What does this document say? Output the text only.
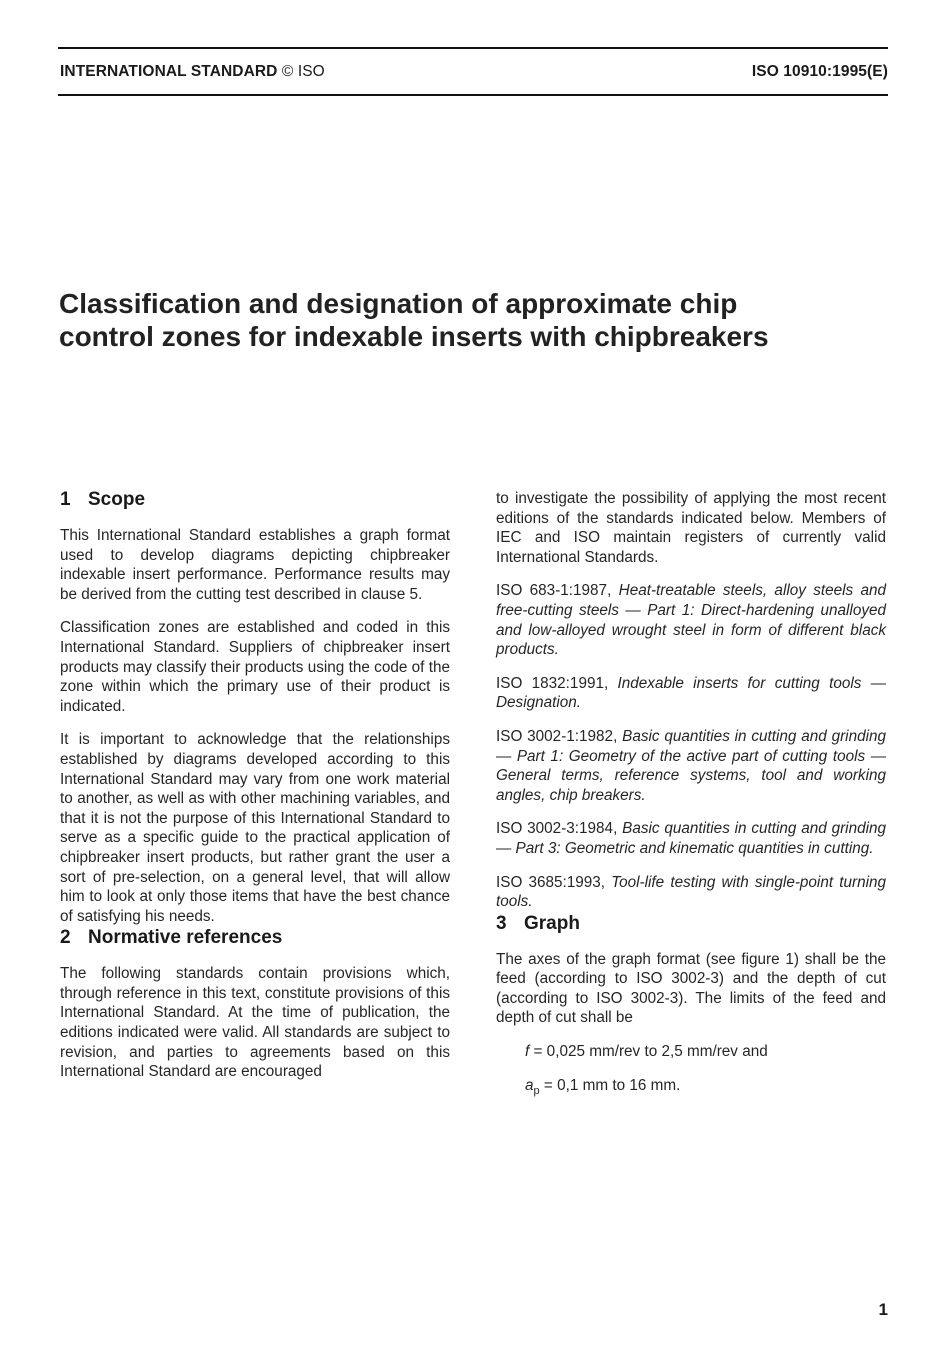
INTERNATIONAL STANDARD © ISO	ISO 10910:1995(E)
Classification and designation of approximate chip
control zones for indexable inserts with chipbreakers
1 Scope

This International Standard establishes a graph format used to develop diagrams depicting chipbreaker indexable insert performance. Performance results may be derived from the cutting test described in clause 5.

Classification zones are established and coded in this International Standard. Suppliers of chipbreaker insert products may classify their products using the code of the zone within which the primary use of their product is indicated.

It is important to acknowledge that the relationships established by diagrams developed according to this International Standard may vary from one work material to another, as well as with other machining variables, and that it is not the purpose of this International Standard to serve as a specific guide to the practical application of chipbreaker insert products, but rather grant the user a sort of pre-selection, on a general level, that will allow him to look at only those items that have the best chance of satisfying his needs.

2 Normative references

The following standards contain provisions which, through reference in this text, constitute provisions of this International Standard. At the time of publication, the editions indicated were valid. All standards are subject to revision, and parties to agreements based on this International Standard are encouraged

to investigate the possibility of applying the most recent editions of the standards indicated below. Members of IEC and ISO maintain registers of currently valid International Standards.

ISO 683-1:1987, Heat-treatable steels, alloy steels and free-cutting steels — Part 1: Direct-hardening unalloyed and low-alloyed wrought steel in form of different black products.

ISO 1832:1991, Indexable inserts for cutting tools — Designation.

ISO 3002-1:1982, Basic quantities in cutting and grinding — Part 1: Geometry of the active part of cutting tools — General terms, reference systems, tool and working angles, chip breakers.

ISO 3002-3:1984, Basic quantities in cutting and grinding — Part 3: Geometric and kinematic quantities in cutting.

ISO 3685:1993, Tool-life testing with single-point turning tools.

3 Graph

The axes of the graph format (see figure 1) shall be the feed (according to ISO 3002-3) and the depth of cut (according to ISO 3002-3). The limits of the feed and depth of cut shall be

f = 0,025 mm/rev to 2,5 mm/rev and

$a_p = 0,1$ mm to 16 mm.

1
